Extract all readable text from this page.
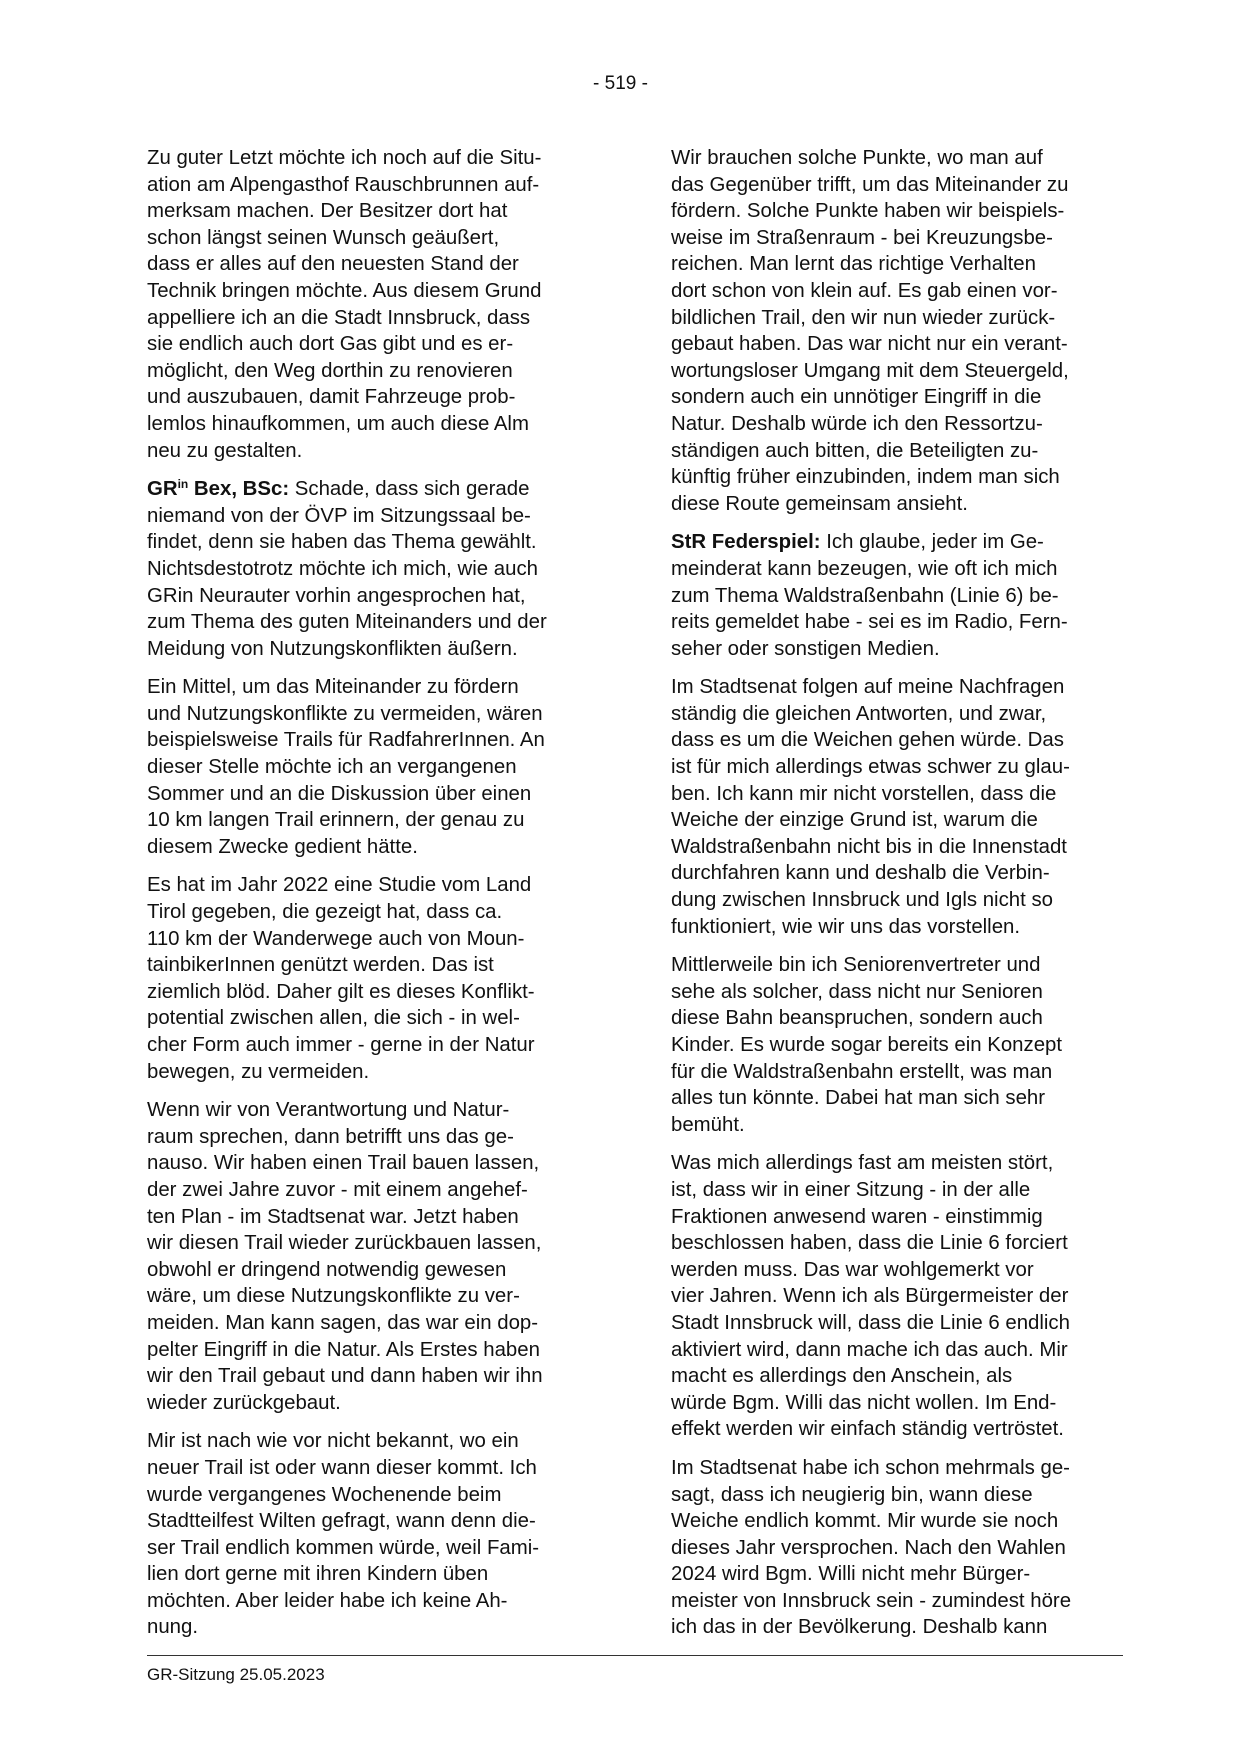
- 519 -

Zu guter Letzt möchte ich noch auf die Situ-
ation am Alpengasthof Rauschbrunnen auf-
merksam machen. Der Besitzer dort hat
schon längst seinen Wunsch geäußert,
dass er alles auf den neuesten Stand der
Technik bringen möchte. Aus diesem Grund
appelliere ich an die Stadt Innsbruck, dass
sie endlich auch dort Gas gibt und es er-
möglicht, den Weg dorthin zu renovieren
und auszubauen, damit Fahrzeuge prob-
lemlos hinaufkommen, um auch diese Alm
neu zu gestalten.

$GR^{in}$ Bex, BSc: Schade, dass sich gerade
niemand von der ÖVP im Sitzungssaal be-
findet, denn sie haben das Thema gewählt.
Nichtsdestotrotz möchte ich mich, wie auch
GRin Neurauter vorhin angesprochen hat,
zum Thema des guten Miteinanders und der
Meidung von Nutzungskonflikten äußern.

Ein Mittel, um das Miteinander zu fördern
und Nutzungskonflikte zu vermeiden, wären
beispielsweise Trails für RadfahrerInnen. An
dieser Stelle möchte ich an vergangenen
Sommer und an die Diskussion über einen
10 km langen Trail erinnern, der genau zu
diesem Zwecke gedient hätte.

Es hat im Jahr 2022 eine Studie vom Land
Tirol gegeben, die gezeigt hat, dass ca.
110 km der Wanderwege auch von Moun-
tainbikerInnen genützt werden. Das ist
ziemlich blöd. Daher gilt es dieses Konflikt-
potential zwischen allen, die sich - in wel-
cher Form auch immer - gerne in der Natur
bewegen, zu vermeiden.

Wenn wir von Verantwortung und Natur-
raum sprechen, dann betrifft uns das ge-
nauso. Wir haben einen Trail bauen lassen,
der zwei Jahre zuvor - mit einem angehef-
ten Plan - im Stadtsenat war. Jetzt haben
wir diesen Trail wieder zurückbauen lassen,
obwohl er dringend notwendig gewesen
wäre, um diese Nutzungskonflikte zu ver-
meiden. Man kann sagen, das war ein dop-
pelter Eingriff in die Natur. Als Erstes haben
wir den Trail gebaut und dann haben wir ihn
wieder zurückgebaut.

Mir ist nach wie vor nicht bekannt, wo ein
neuer Trail ist oder wann dieser kommt. Ich
wurde vergangenes Wochenende beim
Stadtteilfest Wilten gefragt, wann denn die-
ser Trail endlich kommen würde, weil Fami-
lien dort gerne mit ihren Kindern üben
möchten. Aber leider habe ich keine Ah-
nung.

Wir brauchen solche Punkte, wo man auf
das Gegenüber trifft, um das Miteinander zu
fördern. Solche Punkte haben wir beispiels-
weise im Straßenraum - bei Kreuzungsbe-
reichen. Man lernt das richtige Verhalten
dort schon von klein auf. Es gab einen vor-
bildlichen Trail, den wir nun wieder zurück-
gebaut haben. Das war nicht nur ein verant-
wortungsloser Umgang mit dem Steuergeld,
sondern auch ein unnötiger Eingriff in die
Natur. Deshalb würde ich den Ressortzu-
ständigen auch bitten, die Beteiligten zu-
künftig früher einzubinden, indem man sich
diese Route gemeinsam ansieht.

StR Federspiel: Ich glaube, jeder im Ge-
meinderat kann bezeugen, wie oft ich mich
zum Thema Waldstraßenbahn (Linie 6) be-
reits gemeldet habe - sei es im Radio, Fern-
seher oder sonstigen Medien.

Im Stadtsenat folgen auf meine Nachfragen
ständig die gleichen Antworten, und zwar,
dass es um die Weichen gehen würde. Das
ist für mich allerdings etwas schwer zu glau-
ben. Ich kann mir nicht vorstellen, dass die
Weiche der einzige Grund ist, warum die
Waldstraßenbahn nicht bis in die Innenstadt
durchfahren kann und deshalb die Verbin-
dung zwischen Innsbruck und Igls nicht so
funktioniert, wie wir uns das vorstellen.

Mittlerweile bin ich Seniorenvertreter und
sehe als solcher, dass nicht nur Senioren
diese Bahn beanspruchen, sondern auch
Kinder. Es wurde sogar bereits ein Konzept
für die Waldstraßenbahn erstellt, was man
alles tun könnte. Dabei hat man sich sehr
bemüht.

Was mich allerdings fast am meisten stört,
ist, dass wir in einer Sitzung - in der alle
Fraktionen anwesend waren - einstimmig
beschlossen haben, dass die Linie 6 forciert
werden muss. Das war wohlgemerkt vor
vier Jahren. Wenn ich als Bürgermeister der
Stadt Innsbruck will, dass die Linie 6 endlich
aktiviert wird, dann mache ich das auch. Mir
macht es allerdings den Anschein, als
würde Bgm. Willi das nicht wollen. Im End-
effekt werden wir einfach ständig vertröstet.

Im Stadtsenat habe ich schon mehrmals ge-
sagt, dass ich neugierig bin, wann diese
Weiche endlich kommt. Mir wurde sie noch
dieses Jahr versprochen. Nach den Wahlen
2024 wird Bgm. Willi nicht mehr Bürger-
meister von Innsbruck sein - zumindest höre
ich das in der Bevölkerung. Deshalb kann

GR-Sitzung 25.05.2023
